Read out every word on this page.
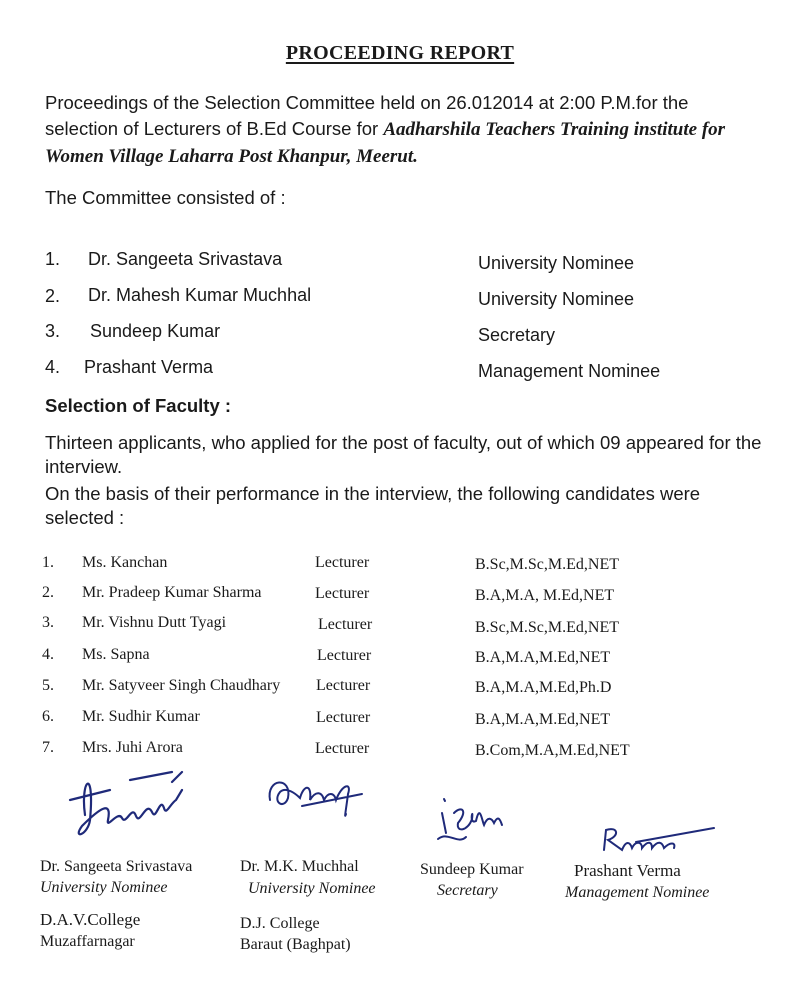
PROCEEDING REPORT
Proceedings of the Selection Committee held on 26.012014 at 2:00 P.M.for the selection of Lecturers of B.Ed Course for Aadharshila Teachers Training institute for Women Village Laharra Post Khanpur, Meerut.
The Committee consisted of :
1. Dr. Sangeeta Srivastava	University Nominee
2. Dr. Mahesh Kumar Muchhal	University Nominee
3. Sundeep Kumar	Secretary
4. Prashant Verma	Management Nominee
Selection of Faculty :
Thirteen applicants, who applied for the post of faculty, out of which 09 appeared for the interview.
On the basis of their performance in the interview, the following candidates were selected :
1. Ms. Kanchan	Lecturer	B.Sc,M.Sc,M.Ed,NET
2. Mr. Pradeep Kumar Sharma	Lecturer	B.A,M.A, M.Ed,NET
3. Mr. Vishnu Dutt Tyagi	Lecturer	B.Sc,M.Sc,M.Ed,NET
4. Ms. Sapna	Lecturer	B.A,M.A,M.Ed,NET
5. Mr. Satyveer Singh Chaudhary Lecturer	B.A,M.A,M.Ed,Ph.D
6. Mr. Sudhir Kumar	Lecturer	B.A,M.A,M.Ed,NET
7. Mrs. Juhi Arora	Lecturer	B.Com,M.A,M.Ed,NET
Dr. Sangeeta Srivastava
University Nominee
Dr. M.K. Muchhal
University Nominee
Sundeep Kumar
Secretary
Prashant Verma
Management Nominee
D.A.V.College
Muzaffarnagar
D.J. College
Baraut (Baghpat)
